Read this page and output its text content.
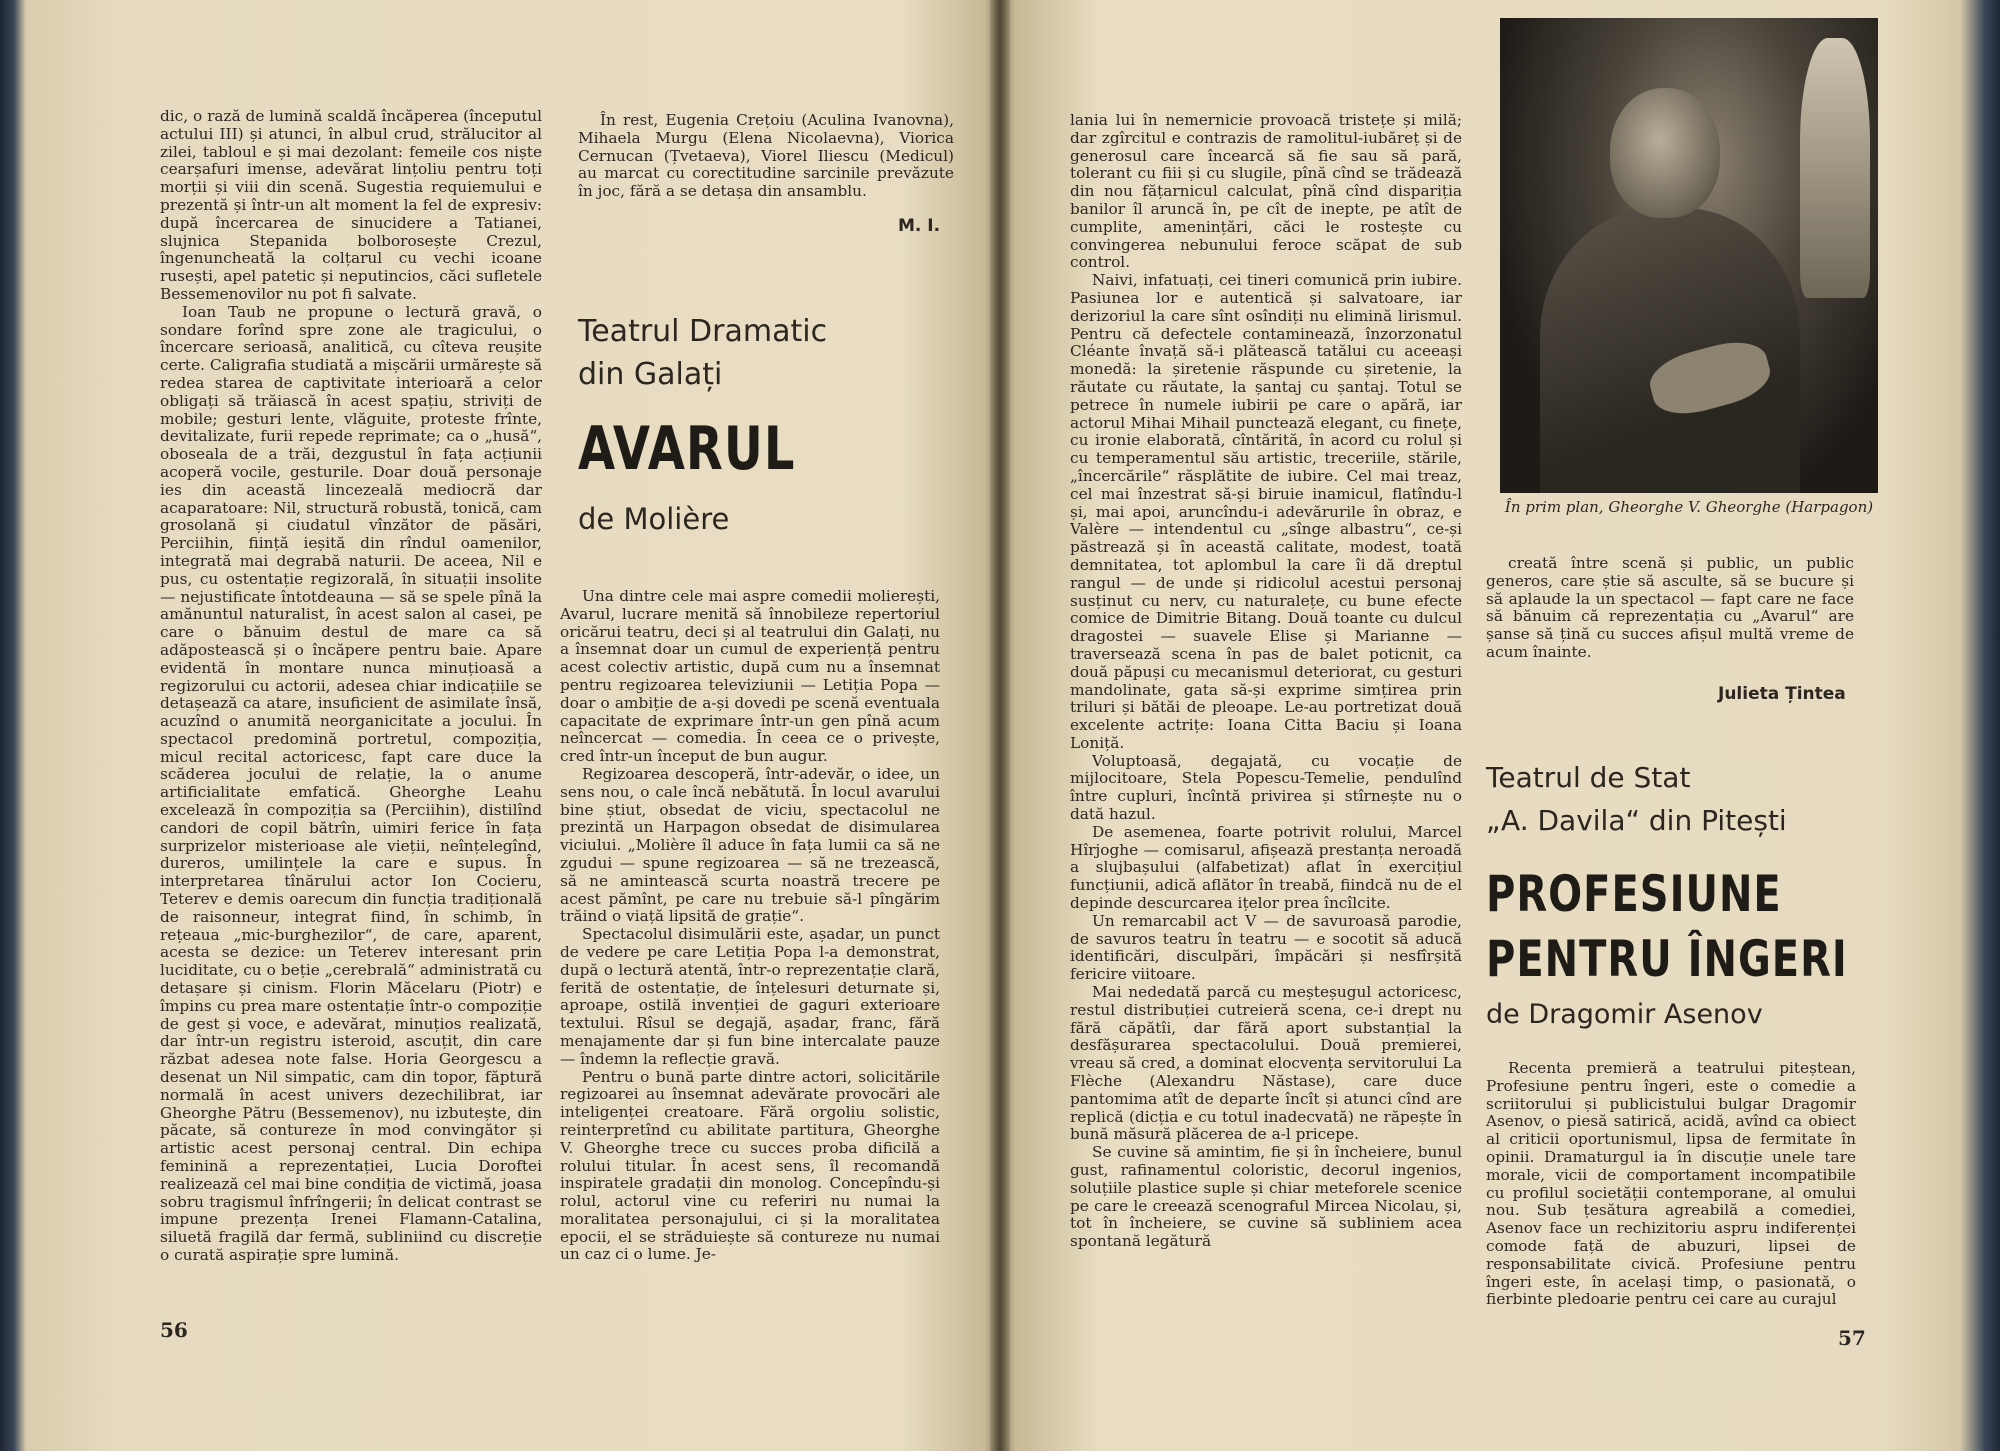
dic, o rază de lumină scaldă încăperea (începutul actului III) și atunci, în albul crud, strălucitor al zilei, tabloul e și mai dezolant: femeile cos niște cearșafuri imense, adevărat lințoliu pentru toți morții și viii din scenă. Sugestia requiemului e prezentă și într-un alt moment la fel de expresiv: după încercarea de sinucidere a Tatianei, slujnica Stepanida bolborosește Crezul, îngenuncheată la colțarul cu vechi icoane rusești, apel patetic și neputincios, căci sufletele Bessemenovilor nu pot fi salvate.

Ioan Taub ne propune o lectură gravă, o sondare forînd spre zone ale tragicului, o încercare serioasă, analitică, cu cîteva reușite certe. Caligrafia studiată a mișcării urmărește să redea starea de captivitate interioară a celor obligați să trăiască în acest spațiu, striviți de mobile; gesturi lente, vlăguite, proteste frînte, devitalizate, furii repede reprimate; ca o „husă“, oboseala de a trăi, dezgustul în fața acțiunii acoperă vocile, gesturile. Doar două personaje ies din această lincezeală mediocră dar acaparatoare: Nil, structură robustă, tonică, cam grosolană și ciudatul vînzător de păsări, Perciihin, ființă ieșită din rîndul oamenilor, integrată mai degrabă naturii. De aceea, Nil e pus, cu ostentație regizorală, în situații insolite — nejustificate întotdeauna — să se spele pînă la amănuntul naturalist, în acest salon al casei, pe care o bănuim destul de mare ca să adăpostească și o încăpere pentru baie. Apare evidentă în montare nunca minuțioasă a regizorului cu actorii, adesea chiar indicațiile se detașează ca atare, insuficient de asimilate însă, acuzînd o anumită neorganicitate a jocului. În spectacol predomină portretul, compoziția, micul recital actoricesc, fapt care duce la scăderea jocului de relație, la o anume artificialitate emfatică. Gheorghe Leahu excelează în compoziția sa (Perciihin), distilînd candori de copil bătrîn, uimiri ferice în fața surprizelor misterioase ale vieții, neînțelegînd, dureros, umilințele la care e supus. În interpretarea tînărului actor Ion Cocieru, Teterev e demis oarecum din funcția tradițională de raisonneur, integrat fiind, în schimb, în rețeaua „mic-burghezilor“, de care, aparent, acesta se dezice: un Teterev interesant prin luciditate, cu o beție „cerebrală“ administrată cu detașare și cinism. Florin Măcelaru (Piotr) e împins cu prea mare ostentație într-o compoziție de gest și voce, e adevărat, minuțios realizată, dar într-un registru isteroid, ascuțit, din care răzbat adesea note false. Horia Georgescu a desenat un Nil simpatic, cam din topor, făptură normală în acest univers dezechilibrat, iar Gheorghe Pătru (Bessemenov), nu izbutește, din păcate, să contureze în mod convingător și artistic acest personaj central. Din echipa feminină a reprezentației, Lucia Doroftei realizează cel mai bine condiția de victimă, joasa sobru tragismul înfrîngerii; în delicat contrast se impune prezența Irenei Flamann-Catalina, siluetă fragilă dar fermă, subliniind cu discreție o curată aspirație spre lumină.

În rest, Eugenia Crețoiu (Aculina Ivanovna), Mihaela Murgu (Elena Nicolaevna), Viorica Cernucan (Țvetaeva), Viorel Iliescu (Medicul) au marcat cu corectitudine sarcinile prevăzute în joc, fără a se detașa din ansamblu.

M. I.
Teatrul Dramatic
din Galați
AVARUL
de Molière

Una dintre cele mai aspre comedii molierești, Avarul, lucrare menită să înnobileze repertoriul oricărui teatru, deci și al teatrului din Galați, nu a însemnat doar un cumul de experiență pentru acest colectiv artistic, după cum nu a însemnat pentru regizoarea televiziunii — Letiția Popa — doar o ambiție de a-și dovedi pe scenă eventuala capacitate de exprimare într-un gen pînă acum neîncercat — comedia. În ceea ce o privește, cred într-un început de bun augur.

Regizoarea descoperă, într-adevăr, o idee, un sens nou, o cale încă nebătută. În locul avarului bine știut, obsedat de viciu, spectacolul ne prezintă un Harpagon obsedat de disimularea viciului. „Molière îl aduce în fața lumii ca să ne zgudui — spune regizoarea — să ne trezească, să ne amintească scurta noastră trecere pe acest pămînt, pe care nu trebuie să-l pîngărim trăind o viață lipsită de grație“.

Spectacolul disimulării este, așadar, un punct de vedere pe care Letiția Popa l-a demonstrat, după o lectură atentă, într-o reprezentație clară, ferită de ostentație, de înțelesuri deturnate și, aproape, ostilă invenției de gaguri exterioare textului. Rîsul se degajă, așadar, franc, fără menajamente dar și fun bine intercalate pauze — îndemn la reflecție gravă.

Pentru o bună parte dintre actori, solicitările regizoarei au însemnat adevărate provocări ale inteligenței creatoare. Fără orgoliu solistic, reinterpretînd cu abilitate partitura, Gheorghe V. Gheorghe trece cu succes proba dificilă a rolului titular. În acest sens, îl recomandă inspiratele gradații din monolog. Concepîndu-și rolul, actorul vine cu referiri nu numai la moralitatea personajului, ci și la moralitatea epocii, el se străduiește să contureze nu numai un caz ci o lume. Je-

56

lania lui în nemernicie provoacă tristețe și milă; dar zgîrcitul e contrazis de ramolitul-iubăreț și de generosul care încearcă să fie sau să pară, tolerant cu fiii și cu slugile, pînă cînd se trădează din nou fățarnicul calculat, pînă cînd dispariția banilor îl aruncă în, pe cît de inepte, pe atît de cumplite, amenințări, căci le rostește cu convingerea nebunului feroce scăpat de sub control.

Naivi, infatuați, cei tineri comunică prin iubire. Pasiunea lor e autentică și salvatoare, iar derizoriul la care sînt osîndiți nu elimină lirismul. Pentru că defectele contaminează, înzorzonatul Cléante învață să-i plătească tatălui cu aceeași monedă: la șiretenie răspunde cu șiretenie, la răutate cu răutate, la șantaj cu șantaj. Totul se petrece în numele iubirii pe care o apără, iar actorul Mihai Mihail punctează elegant, cu finețe, cu ironie elaborată, cîntărită, în acord cu rolul și cu temperamentul său artistic, treceriile, stările, „încercările“ răsplătite de iubire. Cel mai treaz, cel mai înzestrat să-și biruie inamicul, flatîndu-l și, mai apoi, aruncîndu-i adevărurile în obraz, e Valère — intendentul cu „sînge albastru“, ce-și păstrează și în această calitate, modest, toată demnitatea, tot aplombul la care îi dă dreptul rangul — de unde și ridicolul acestui personaj susținut cu nerv, cu naturalețe, cu bune efecte comice de Dimitrie Bitang. Două toante cu dulcul dragostei — suavele Elise și Marianne — traversează scena în pas de balet poticnit, ca două păpuși cu mecanismul deteriorat, cu gesturi mandolinate, gata să-și exprime simțirea prin triluri și bătăi de pleoape. Le-au portretizat două excelente actrițe: Ioana Citta Baciu și Ioana Loniță.

Voluptoasă, degajată, cu vocație de mijlocitoare, Stela Popescu-Temelie, pendulînd între cupluri, încîntă privirea și stîrnește nu o dată hazul.

De asemenea, foarte potrivit rolului, Marcel Hîrjoghe — comisarul, afișează prestanța neroadă a slujbașului (alfabetizat) aflat în exercițiul funcțiunii, adică aflător în treabă, fiindcă nu de el depinde descurcarea ițelor prea încîlcite.

Un remarcabil act V — de savuroasă parodie, de savuros teatru în teatru — e socotit să aducă identificări, disculpări, împăcări și nesfîrșită fericire viitoare.

Mai nededată parcă cu meșteșugul actoricesc, restul distribuției cutreieră scena, ce-i drept nu fără căpătîi, dar fără aport substanțial la desfășurarea spectacolului. Două premierei, vreau să cred, a dominat elocvența servitorului La Flèche (Alexandru Năstase), care duce pantomima atît de departe încît și atunci cînd are replică (dicția e cu totul inadecvată) ne răpește în bună măsură plăcerea de a-l pricepe.

Se cuvine să amintim, fie și în încheiere, bunul gust, rafinamentul coloristic, decorul ingenios, soluțiile plastice suple și chiar meteforele scenice pe care le creează scenograful Mircea Nicolau, și, tot în încheiere, se cuvine să subliniem acea spontană legătură

În prim plan, Gheorghe V. Gheorghe (Harpagon)

creată între scenă și public, un public generos, care știe să asculte, să se bucure și să aplaude la un spectacol — fapt care ne face să bănuim că reprezentația cu „Avarul“ are șanse să țină cu succes afișul multă vreme de acum înainte.

Julieta Țintea
Teatrul de Stat
„A. Davila“ din Pitești
PROFESIUNE
PENTRU ÎNGERI
de Dragomir Asenov

Recenta premieră a teatrului piteștean, Profesiune pentru îngeri, este o comedie a scriitorului și publicistului bulgar Dragomir Asenov, o piesă satirică, acidă, avînd ca obiect al criticii oportunismul, lipsa de fermitate în opinii. Dramaturgul ia în discuție unele tare morale, vicii de comportament incompatibile cu profilul societății contemporane, al omului nou. Sub țesătura agreabilă a comediei, Asenov face un rechizitoriu aspru indiferenței comode față de abuzuri, lipsei de responsabilitate civică. Profesiune pentru îngeri este, în același timp, o pasionată, o fierbinte pledoarie pentru cei care au curajul

57
